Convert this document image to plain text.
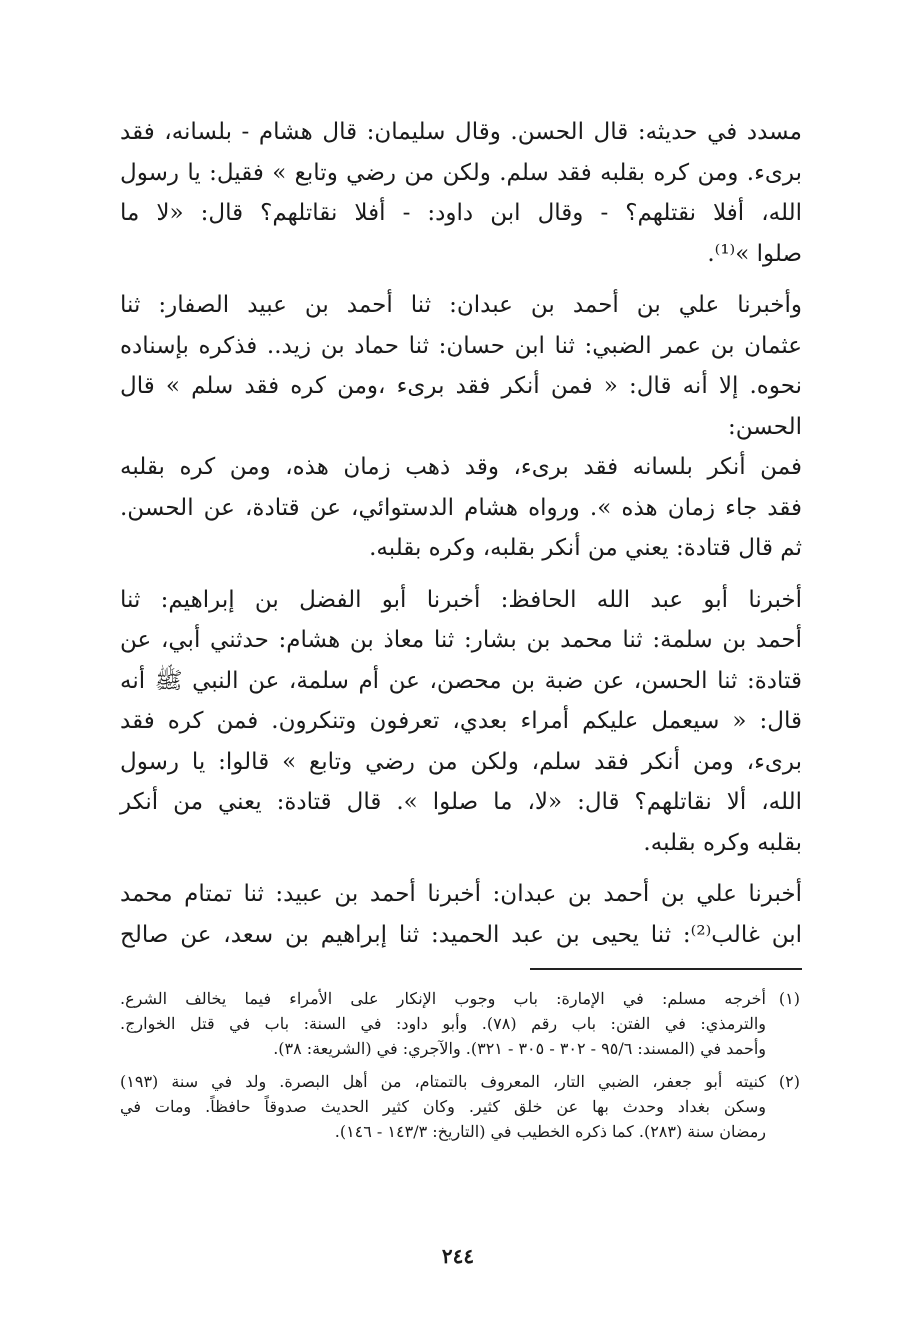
مسدد في حديثه: قال الحسن. وقال سليمان: قال هشام - بلسانه، فقد
برىء. ومن كره بقلبه فقد سلم. ولكن من رضي وتابع » فقيل: يا رسول
الله، أفلا نقتلهم؟ - وقال ابن داود: - أفلا نقاتلهم؟ قال: «لا ما
صلوا »⁽¹⁾.

وأخبرنا علي بن أحمد بن عبدان: ثنا أحمد بن عبيد الصفار: ثنا
عثمان بن عمر الضبي: ثنا ابن حسان: ثنا حماد بن زيد.. فذكره بإسناده
نحوه. إلا أنه قال: « فمن أنكر فقد برىء ،ومن كره فقد سلم » قال الحسن:
فمن أنكر بلسانه فقد برىء، وقد ذهب زمان هذه، ومن كره بقلبه
فقد جاء زمان هذه ». ورواه هشام الدستوائي، عن قتادة، عن الحسن.
ثم قال قتادة: يعني من أنكر بقلبه، وكره بقلبه.

أخبرنا أبو عبد الله الحافظ: أخبرنا أبو الفضل بن إبراهيم: ثنا
أحمد بن سلمة: ثنا محمد بن بشار: ثنا معاذ بن هشام: حدثني أبي، عن
قتادة: ثنا الحسن، عن ضبة بن محصن، عن أم سلمة، عن النبي ﷺ أنه
قال: « سيعمل عليكم أمراء بعدي، تعرفون وتنكرون. فمن كره فقد
برىء، ومن أنكر فقد سلم، ولكن من رضي وتابع » قالوا: يا رسول
الله، ألا نقاتلهم؟ قال: «لا، ما صلوا ». قال قتادة: يعني من أنكر
بقلبه وكره بقلبه.

أخبرنا علي بن أحمد بن عبدان: أخبرنا أحمد بن عبيد: ثنا تمتام محمد
ابن غالب⁽²⁾: ثنا يحيى بن عبد الحميد: ثنا إبراهيم بن سعد، عن صالح

(١)
أخرجه مسلم: في الإمارة: باب وجوب الإنكار على الأمراء فيما يخالف الشرع.
والترمذي: في الفتن: باب رقم (٧٨). وأبو داود: في السنة: باب في قتل الخوارج.
وأحمد في (المسند: ٩٥/٦ - ٣٠٢ - ٣٠٥ - ٣٢١). والآجري: في (الشريعة: ٣٨).
(٢)
كنيته أبو جعفر، الضبي التار، المعروف بالتمتام، من أهل البصرة. ولد في سنة (١٩٣)
وسكن بغداد وحدث بها عن خلق كثير. وكان كثير الحديث صدوقاً حافظاً. ومات في
رمضان سنة (٢٨٣). كما ذكره الخطيب في (التاريخ: ١٤٣/٣ - ١٤٦).
٢٤٤
